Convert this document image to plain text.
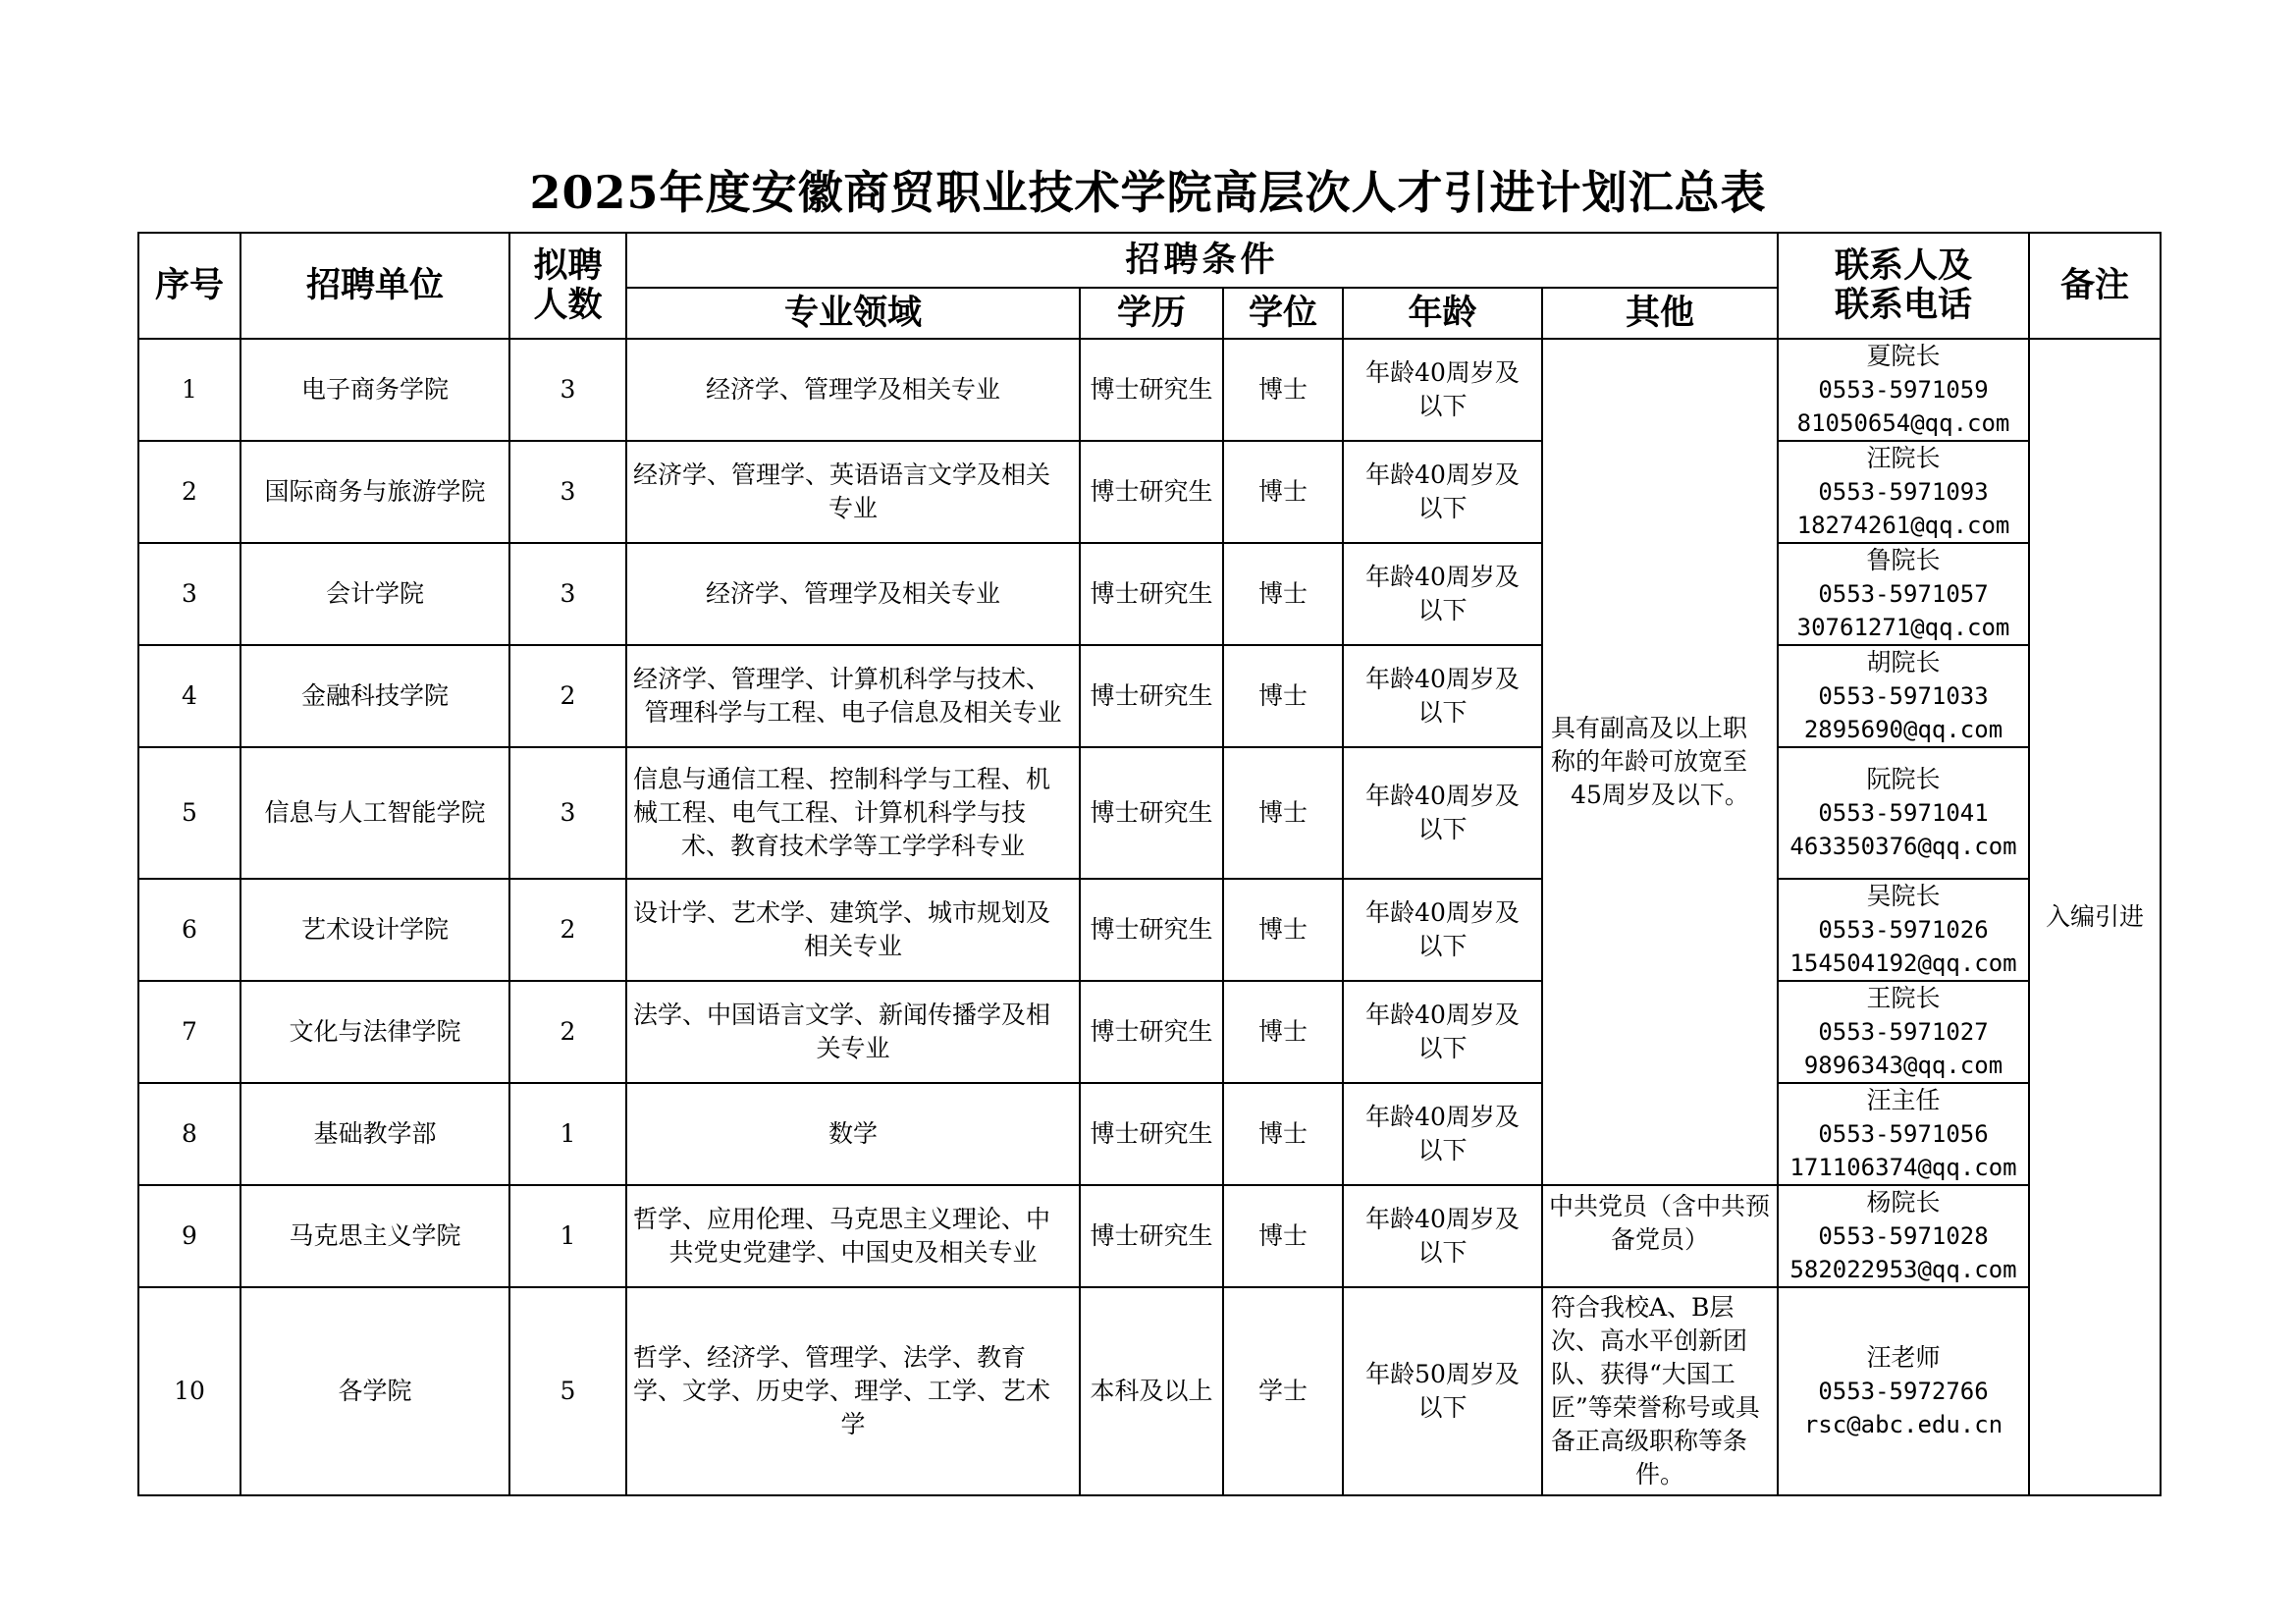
2025年度安徽商贸职业技术学院高层次人才引进计划汇总表
序号	招聘单位	拟聘人数	招聘条件					联系人及联系电话	备注
			专业领域	学历	学位	年龄	其他		
1	电子商务学院	3	经济学、管理学及相关专业	博士研究生	博士	年龄40周岁及以下	具有副高及以上职称的年龄可放宽至45周岁及以下。	夏院长
0553-5971059
81050654@qq.com	入编引进
2	国际商务与旅游学院	3	经济学、管理学、英语语言文学及相关专业	博士研究生	博士	年龄40周岁及以下		汪院长
0553-5971093
18274261@qq.com	

3	会计学院	3	经济学、管理学及相关专业	博士研究生	博士	年龄40周岁及以下		鲁院长
0553-5971057
30761271@qq.com	

4	金融科技学院	2	经济学、管理学、计算机科学与技术、管理科学与工程、电子信息及相关专业	博士研究生	博士	年龄40周岁及以下		胡院长
0553-5971033
2895690@qq.com	

5	信息与人工智能学院	3	信息与通信工程、控制科学与工程、机械工程、电气工程、计算机科学与技术、教育技术学等工学学科专业	博士研究生	博士	年龄40周岁及以下		阮院长
0553-5971041
463350376@qq.com	

6	艺术设计学院	2	设计学、艺术学、建筑学、城市规划及相关专业	博士研究生	博士	年龄40周岁及以下		吴院长
0553-5971026
154504192@qq.com	

7	文化与法律学院	2	法学、中国语言文学、新闻传播学及相关专业	博士研究生	博士	年龄40周岁及以下		王院长
0553-5971027
9896343@qq.com	

8	基础教学部	1	数学	博士研究生	博士	年龄40周岁及以下		汪主任
0553-5971056
171106374@qq.com	

9	马克思主义学院	1	哲学、应用伦理、马克思主义理论、中共党史党建学、中国史及相关专业	博士研究生	博士	年龄40周岁及以下	中共党员（含中共预备党员）	杨院长
0553-5971028
582022953@qq.com	

10	各学院	5	哲学、经济学、管理学、法学、教育学、文学、历史学、理学、工学、艺术学	本科及以上	学士	年龄50周岁及以下	符合我校A、B层次、高水平创新团队、获得“大国工匠”等荣誉称号或具备正高级职称等条件。	汪老师
0553-5972766
rsc@abc.edu.cn	
